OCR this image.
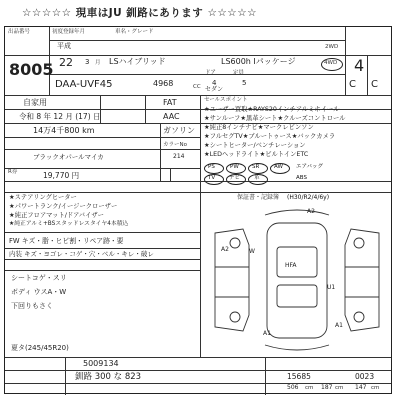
☆☆☆☆☆ 現車はJU 釧路にあります ☆☆☆☆☆
出品番号
8005
初度登録年月	車名・グレード
平成
22 3 月 LSハイブリッド	LS600h Iパッケージ
2WD
4WD 4
DAA-UVF45	4968	CC
ドア
4
定員
5
セダン	C C
自家用	FAT
令和 8 年 12 月 (17) 日	AAC
14万4千800 km	ガソリン
ブラックオパールマイカ
カラーNo
214
R券	19,770 円
セールスポイント
★ユーザー買取★RAYS20インチアルミホイール
★サンルーフ★黒革シート★クルーズコントロール
★純正8インチナビ★マークレビンソン
★フルセグTV★ブルートゥース★バックカメラ
★シートヒーター/ベンチレーション
★LEDヘッドライト★ビルトインETC
PS	PW SR	AW
TV	ナビ	革
エアバッグ
ABS
保証書・記録簿 (H30/R2/4/6y)
★ステアリングヒーター
★パワートランク/イージークローザー
★純正フロアマット/ドアバイザー
★純正アルミ+BSスタッドレスタイヤ4本積込
FW キズ・脂・ヒビ割・リペア跡・要
内装 キズ・ヨゴレ・コゲ・穴・ベル・キレ・破レ
シートコゲ・スリ
ボディ ウスA・W
下回りもさく
夏タ(245/45R20)
A2
A2
HFA
U1
A1
A1
W
5009134
釧路 300 な 823	15685	0023
506 cm 187 cm 147 cm
